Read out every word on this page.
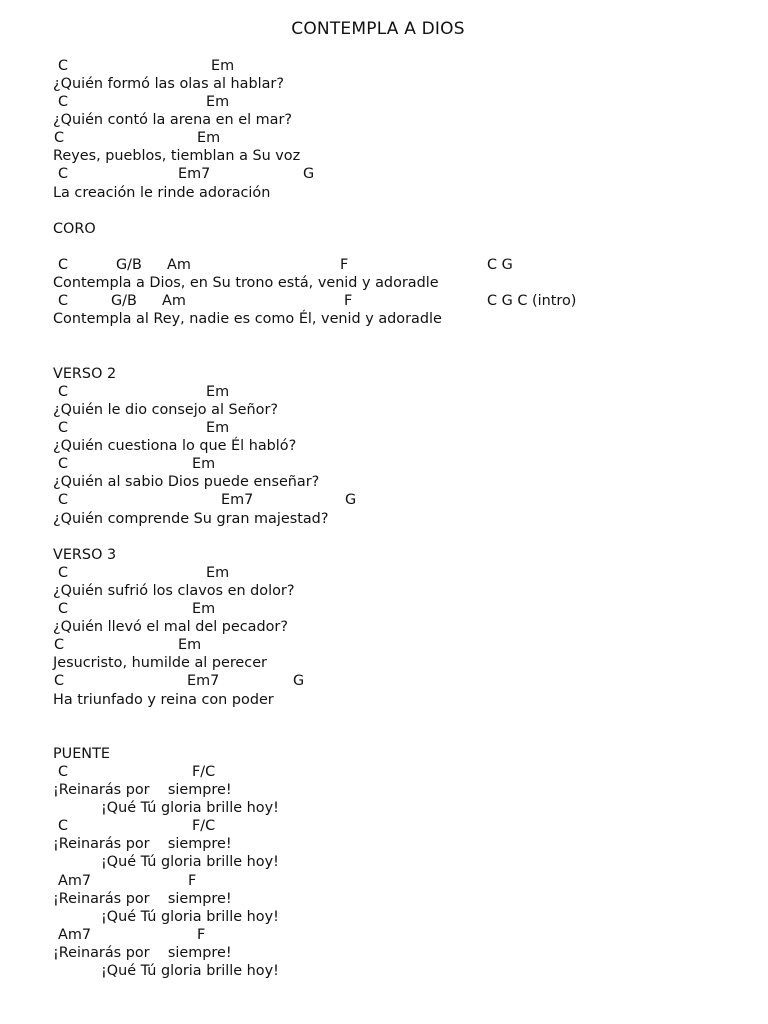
CONTEMPLA A DIOS

C

	Em

¿Quién formó las olas al hablar?

C

	Em

¿Quién contó la arena en el mar?

C

	Em

Reyes, pueblos, tiemblan a Su voz

C

	Em7

	G

La creación le rinde adoración
CORO

C

	G/B

Am

	F

	C G

Contempla a Dios, en Su trono está, venid y adoradle

C

	G/B

Am

	F

	C G C (intro)

Contempla al Rey, nadie es como Él, venid y adoradle
VERSO 2

C

	Em

¿Quién le dio consejo al Señor?

C

	Em

¿Quién cuestiona lo que Él habló?

C

	Em

¿Quién al sabio Dios puede enseñar?

C

	Em7

	G

¿Quién comprende Su gran majestad?
VERSO 3

C

	Em

¿Quién sufrió los clavos en dolor?

C

	Em

¿Quién llevó el mal del pecador?

C

	Em

Jesucristo, humilde al perecer

C

	Em7

	G

Ha triunfado y reina con poder
PUENTE

C

	F/C

¡Reinarás por    siempre!
¡Qué Tú gloria brille hoy!

C

	F/C

¡Reinarás por    siempre!
¡Qué Tú gloria brille hoy!

Am7

	F

¡Reinarás por    siempre!
¡Qué Tú gloria brille hoy!

Am7

	F

¡Reinarás por    siempre!
¡Qué Tú gloria brille hoy!
